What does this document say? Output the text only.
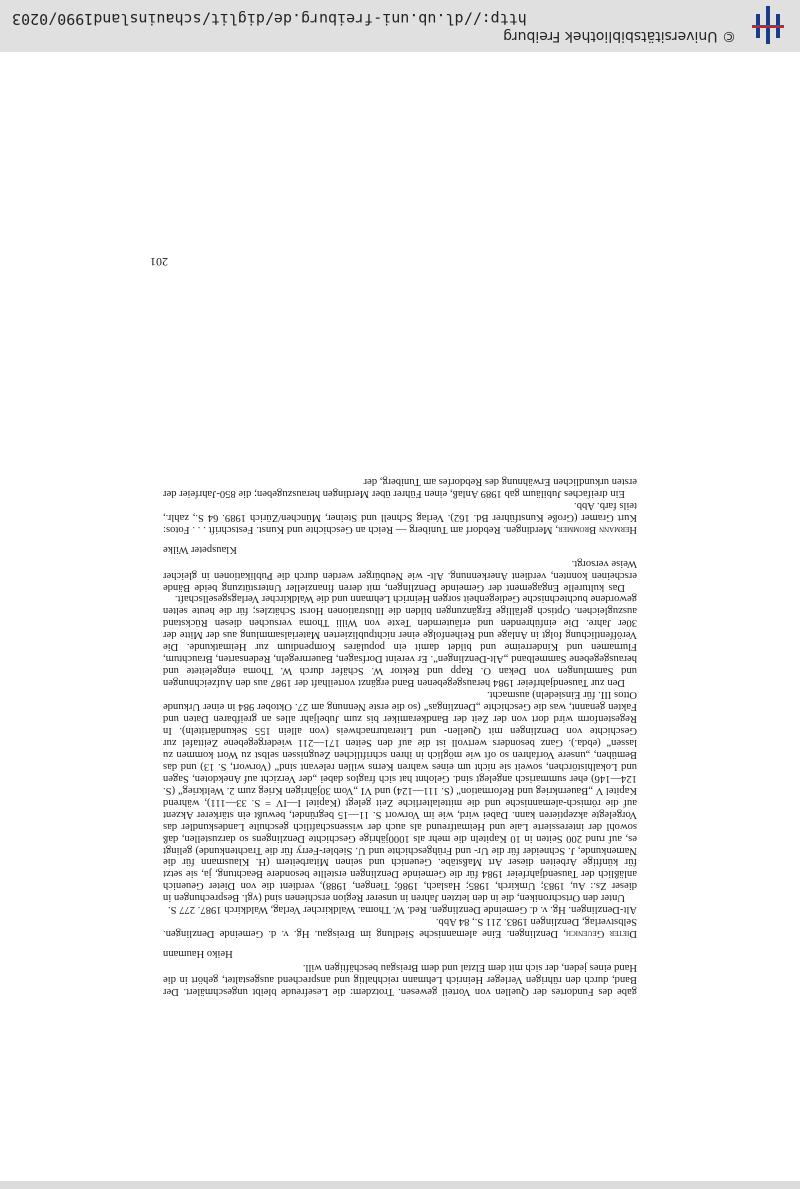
gabe des Fundortes der Quellen von Vorteil gewesen. Trotzdem: die Lesefreude bleibt ungeschmälert. Der Band, durch den rührigen Verleger Heinrich Lehmann reichhaltig und ansprechend ausgestaltet, gehört in die Hand eines jeden, der sich mit dem Elztal und dem Breisgau beschäftigen will.

Heiko Haumann

Dieter Geuenich, Denzlingen. Eine alemannische Siedlung im Breisgau. Hg. v. d. Gemeinde Denzlingen. Selbstverlag, Denzlingen 1983. 211 S., 84 Abb.

Alt-Denzlingen. Hg. v. d. Gemeinde Denzlingen. Red. W. Thoma. Waldkircher Verlag, Waldkirch 1987. 277 S.

Unter den Ortschroniken, die in den letzten Jahren in unserer Region erschienen sind (vgl. Besprechungen in dieser Zs.: Au, 1983; Umkirch, 1985; Haslach, 1986; Tiengen, 1988), verdient die von Dieter Geuenich anläßlich der Tausendjahrfeier 1984 für die Gemeinde Denzlingen erstellte besondere Beachtung, ja, sie setzt für künftige Arbeiten dieser Art Maßstäbe. Geuenich und seinen Mitarbeitern (H. Klausmann für die Namenkunde, J. Schneider für die Ur- und Frühgeschichte und U. Siebler-Ferry für die Trachtenkunde) gelingt es, auf rund 200 Seiten in 10 Kapiteln die mehr als 1000jährige Geschichte Denzlingens so darzustellen, daß sowohl der interessierte Laie und Heimatfreund als auch der wissenschaftlich geschulte Landeskundler das Vorgelegte akzeptieren kann. Dabei wird, wie im Vorwort S. 11—15 begründet, bewußt ein stärkerer Akzent auf die römisch-alemannische und die mittelalterliche Zeit gelegt (Kapitel I—IV = S. 33—111), während Kapitel V „Bauernkrieg und Reformation“ (S. 111—124) und VI „Vom 30jährigen Krieg zum 2. Weltkrieg“ (S. 124—146) eher summarisch angelegt sind. Gelohnt hat sich fraglos dabei „der Verzicht auf Anekdoten, Sagen und Lokalhistörchen, soweit sie nicht um eines wahren Kerns willen relevant sind“ (Vorwort, S. 13) und das Bemühen, „unsere Vorfahren so oft wie möglich in ihren schriftlichen Zeugnissen selbst zu Wort kommen zu lassen“ (ebda.). Ganz besonders wertvoll ist die auf den Seiten 171—211 wiedergegebene Zeittafel zur Geschichte von Denzlingen mit Quellen- und Literaturnachweis (von allein 155 Sekundärtiteln). In Regestenform wird dort von der Zeit der Bandkeramiker bis zum Jubeljahr alles an greifbaren Daten und Fakten genannt, was die Geschichte „Denzlingas“ (so die erste Nennung am 27. Oktober 984 in einer Urkunde Ottos III. für Einsiedeln) ausmacht.

Den zur Tausendjahrfeier 1984 herausgegebenen Band ergänzt vorteilhaft der 1987 aus den Aufzeichnungen und Sammlungen von Dekan O. Rapp und Rektor W. Schäfer durch W. Thoma eingeleitete und herausgegebene Sammelband „Alt-Denzlingen“. Er vereint Dorfsagen, Bauernregeln, Redensarten, Brauchtum, Flurnamen und Kinderreime und bildet damit ein populäres Kompendium zur Heimatkunde. Die Veröffentlichung folgt in Anlage und Reihenfolge einer nichtpublizierten Materialsammlung aus der Mitte der 30er Jahre. Die einführenden und erläuternden Texte von Willi Thoma versuchen diesen Rückstand auszugleichen. Optisch gefällige Ergänzungen bilden die Illustrationen Horst Schätzles; für die heute selten gewordene buchtechnische Gediegenheit sorgen Heinrich Lehmann und die Waldkircher Verlagsgesellschaft.

Das kulturelle Engagement der Gemeinde Denzlingen, mit deren finanzieller Unterstützung beide Bände erscheinen konnten, verdient Anerkennung. Alt- wie Neubürger werden durch die Publikationen in gleicher Weise versorgt.

Klauspeter Wilke

Hermann Brommer, Merdingen. Rebdorf am Tuniberg — Reich an Geschichte und Kunst. Festschrift . . . Fotos: Kurt Gramer (Große Kunstführer Bd. 162). Verlag Schnell und Steiner, München/Zürich 1989. 64 S., zahlr., teils farb. Abb.

Ein dreifaches Jubiläum gab 1989 Anlaß, einen Führer über Merdingen herauszugeben; die 850-Jahrfeier der ersten urkundlichen Erwähnung des Rebdorfes am Tuniberg, der

201
© Universitätsbibliothek Freiburg
http://dl.ub.uni-freiburg.de/diglit/schauinsland1990/0203
